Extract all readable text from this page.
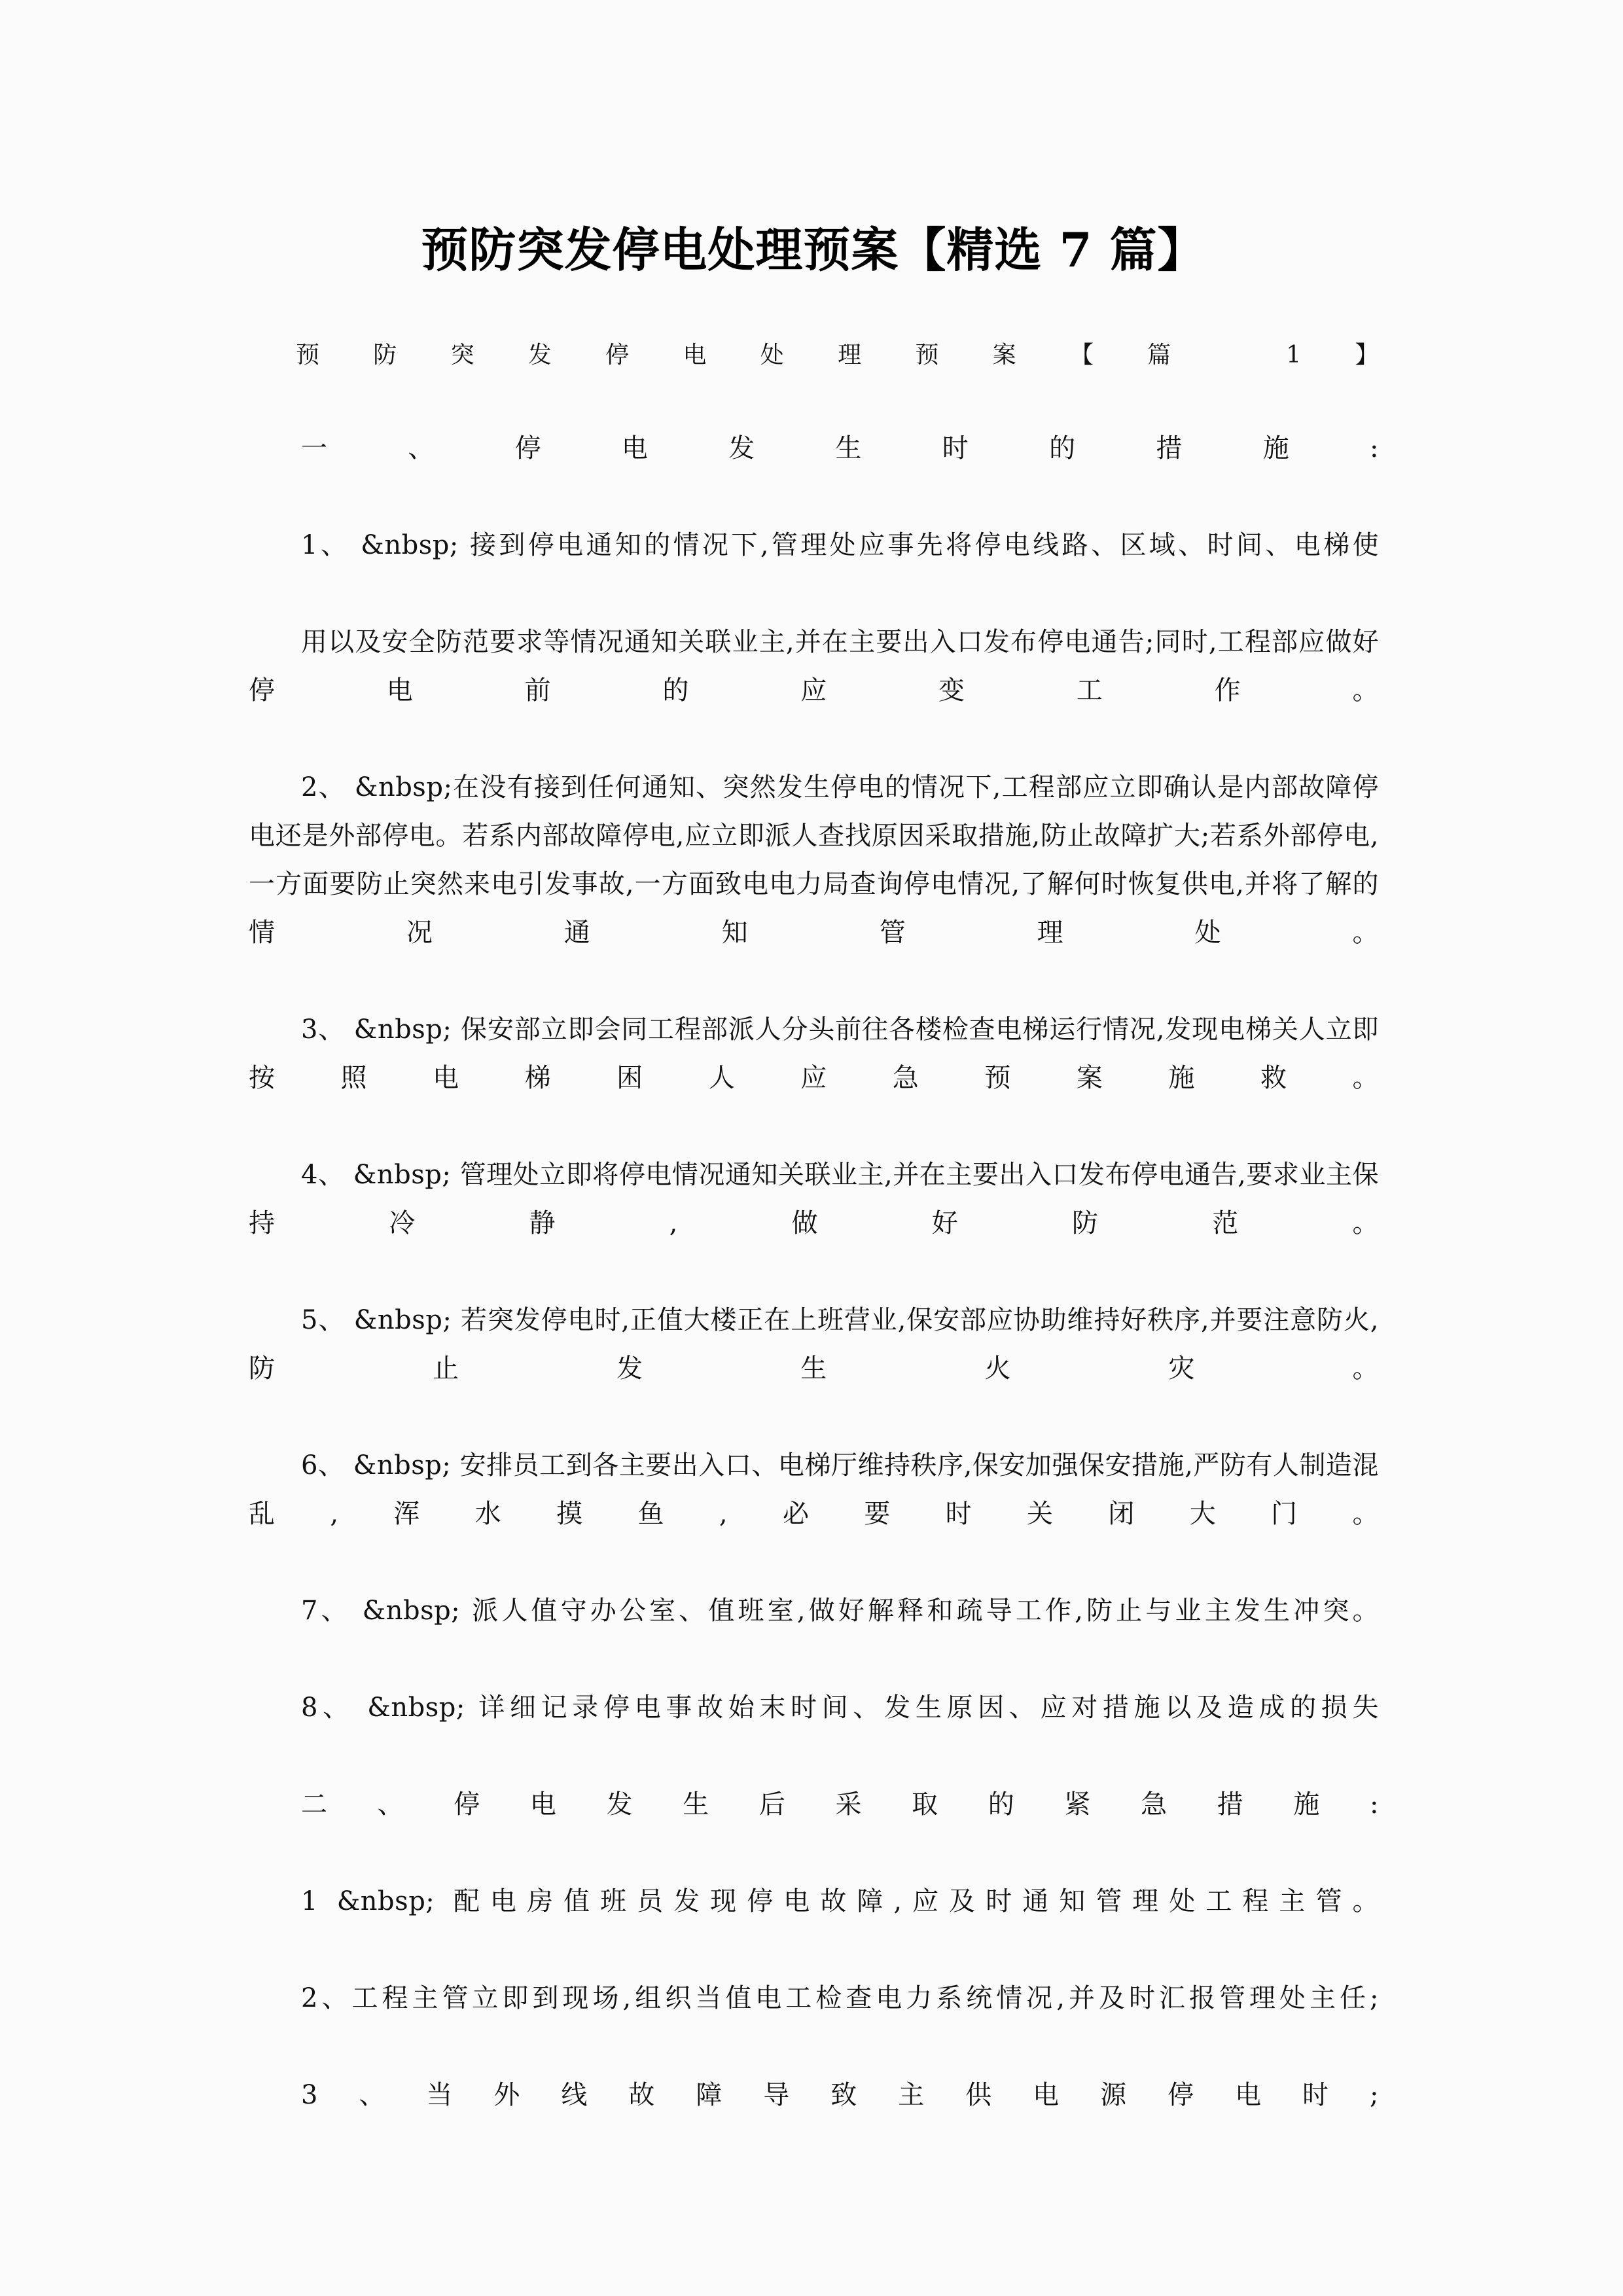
预防突发停电处理预案【精选 7 篇】

预防突发停电处理预案【篇 1】

一、停电发生时的措施:

1、 &nbsp; 接到停电通知的情况下,管理处应事先将停电线路、区域、时间、电梯使

用以及安全防范要求等情况通知关联业主,并在主要出入口发布停电通告;同时,工程部应做好停电前的应变工作。

2、 &nbsp;在没有接到任何通知、突然发生停电的情况下,工程部应立即确认是内部故障停电还是外部停电。若系内部故障停电,应立即派人查找原因采取措施,防止故障扩大;若系外部停电,一方面要防止突然来电引发事故,一方面致电电力局查询停电情况,了解何时恢复供电,并将了解的情况通知管理处。

3、 &nbsp; 保安部立即会同工程部派人分头前往各楼检查电梯运行情况,发现电梯关人立即按照电梯困人应急预案施救。

4、 &nbsp; 管理处立即将停电情况通知关联业主,并在主要出入口发布停电通告,要求业主保持冷静,做好防范。

5、 &nbsp; 若突发停电时,正值大楼正在上班营业,保安部应协助维持好秩序,并要注意防火,防止发生火灾。

6、 &nbsp; 安排员工到各主要出入口、电梯厅维持秩序,保安加强保安措施,严防有人制造混乱,浑水摸鱼,必要时关闭大门。

7、 &nbsp; 派人值守办公室、值班室,做好解释和疏导工作,防止与业主发生冲突。

8、 &nbsp; 详细记录停电事故始末时间、发生原因、应对措施以及造成的损失

二、停电发生后采取的紧急措施:

1 &nbsp; 配电房值班员发现停电故障,应及时通知管理处工程主管。

2、工程主管立即到现场,组织当值电工检查电力系统情况,并及时汇报管理处主任;

3、当外线故障导致主供电源停电时;
